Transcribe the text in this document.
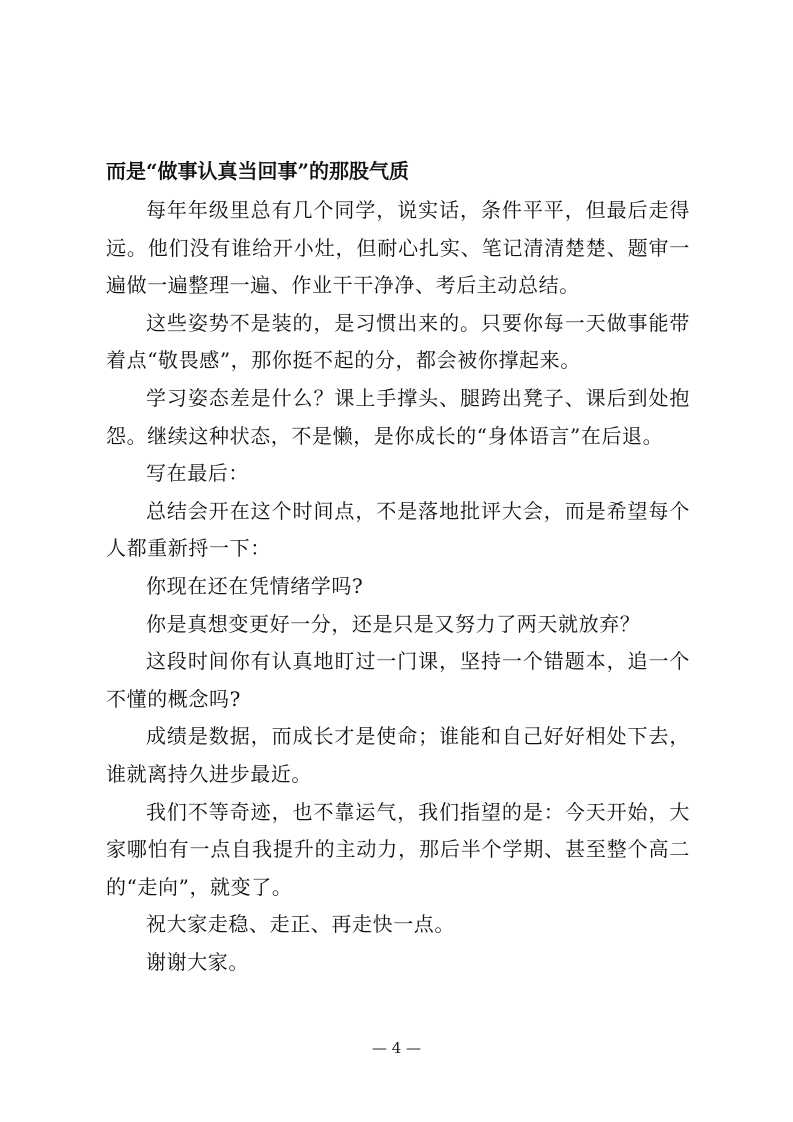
而是“做事认真当回事”的那股气质

每年年级里总有几个同学，说实话，条件平平，但最后走得远。他们没有谁给开小灶，但耐心扎实、笔记清清楚楚、题审一遍做一遍整理一遍、作业干干净净、考后主动总结。

这些姿势不是装的，是习惯出来的。只要你每一天做事能带着点“敬畏感”，那你挺不起的分，都会被你撑起来。

学习姿态差是什么？课上手撑头、腿跨出凳子、课后到处抱怨。继续这种状态，不是懒，是你成长的“身体语言”在后退。

写在最后：

总结会开在这个时间点，不是落地批评大会，而是希望每个人都重新捋一下：

你现在还在凭情绪学吗?

你是真想变更好一分，还是只是又努力了两天就放弃？

这段时间你有认真地盯过一门课，坚持一个错题本，追一个不懂的概念吗?

成绩是数据，而成长才是使命；谁能和自己好好相处下去，谁就离持久进步最近。

我们不等奇迹，也不靠运气，我们指望的是：今天开始，大家哪怕有一点自我提升的主动力，那后半个学期、甚至整个高二的“走向”，就变了。

祝大家走稳、走正、再走快一点。

谢谢大家。

— 4 —
